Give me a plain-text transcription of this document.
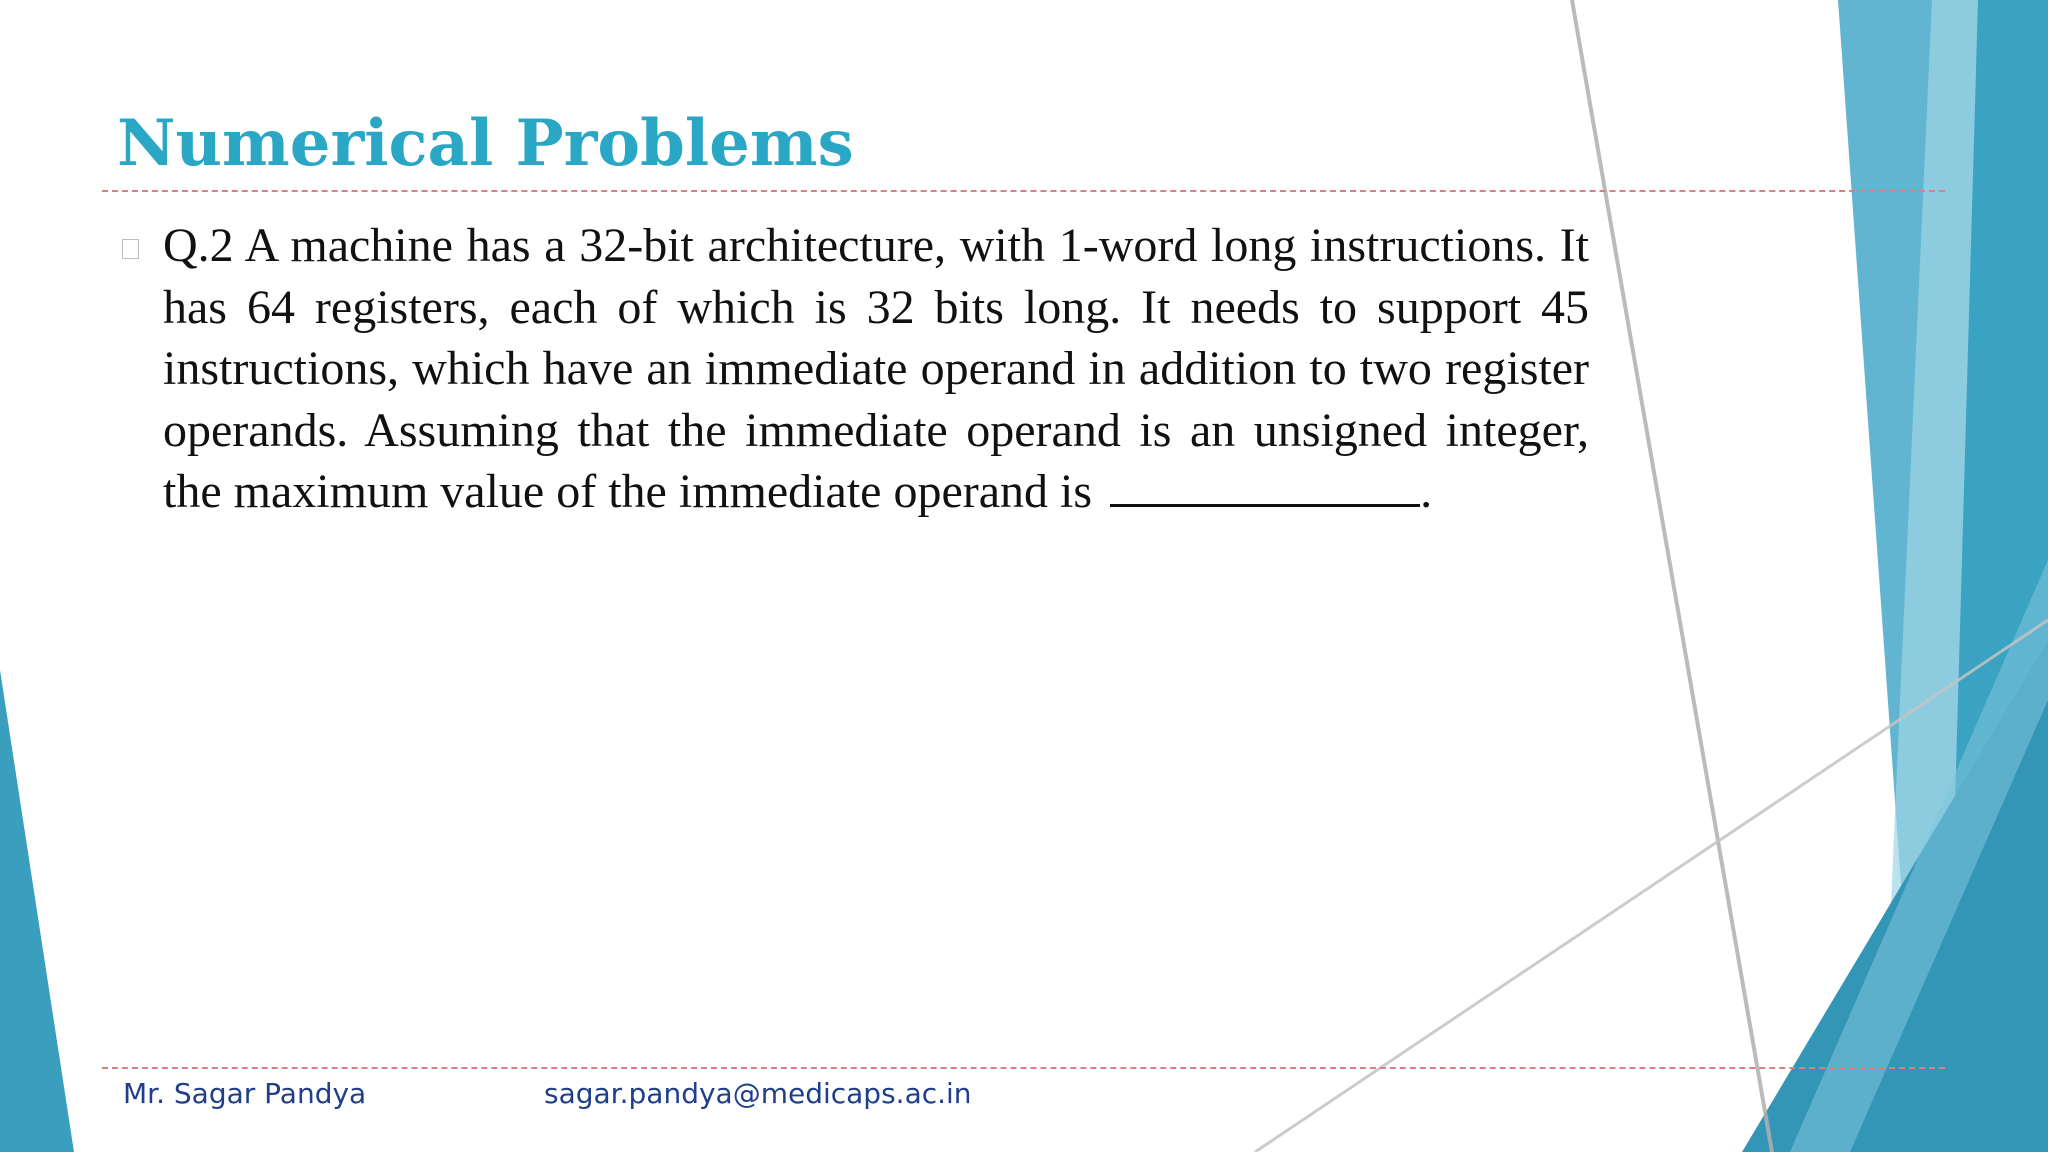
Numerical Problems

Q.2 A machine has a 32-bit architecture, with 1-word long instructions. It has 64 registers, each of which is 32 bits long. It needs to support 45 instructions, which have an immediate operand in addition to two register operands. Assuming that the immediate operand is an unsigned integer, the maximum value of the immediate operand is	.

Mr. Sagar Pandya	sagar.pandya@medicaps.ac.in
